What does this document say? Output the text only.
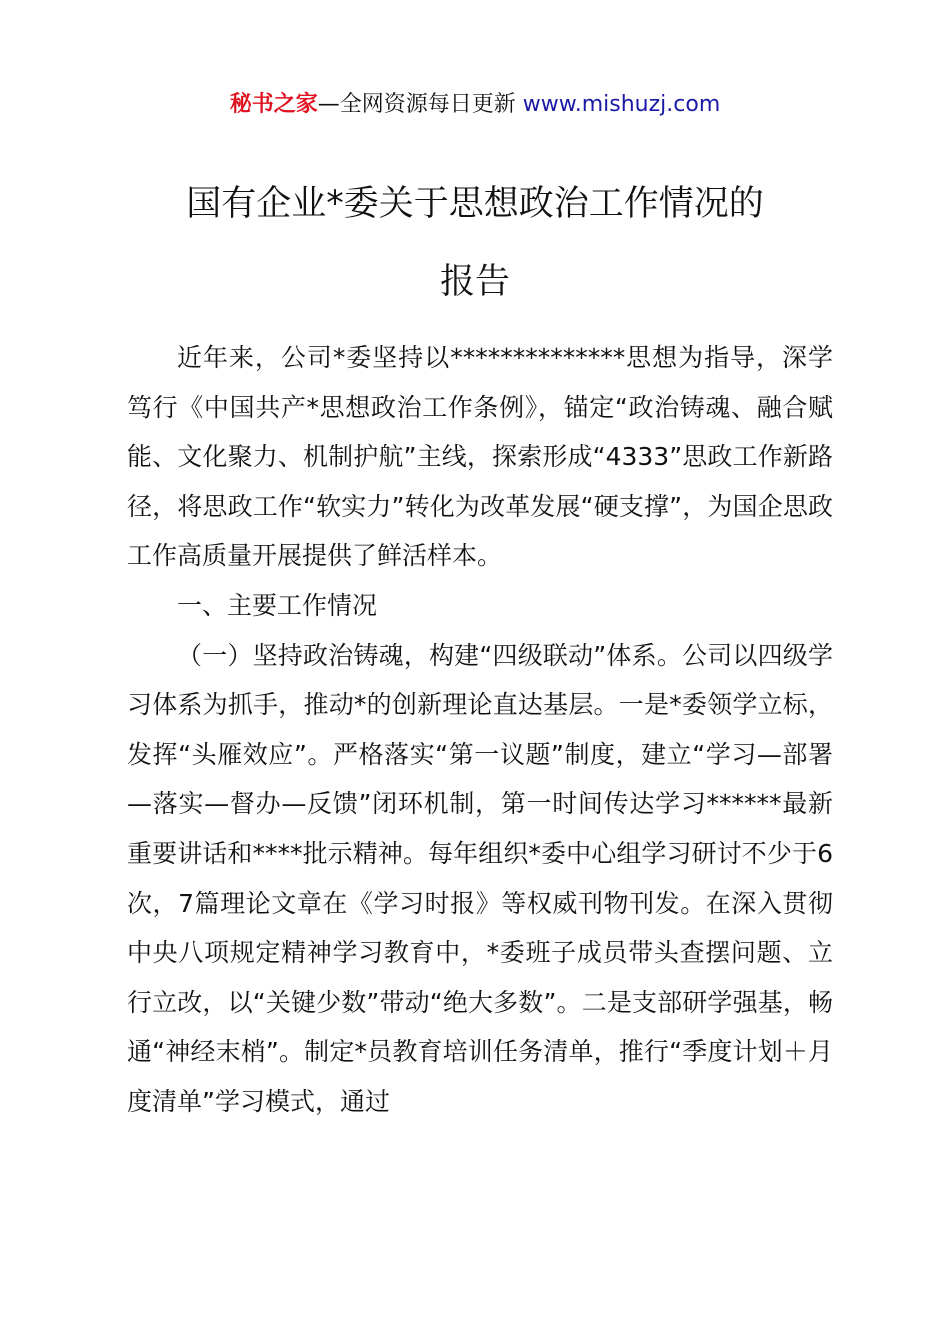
秘书之家—全网资源每日更新 www.mishuzj.com
国有企业*委关于思想政治工作情况的
报告

近年来，公司*委坚持以**************思想为指导，深学笃行《中国共产*思想政治工作条例》，锚定“政治铸魂、融合赋能、文化聚力、机制护航”主线，探索形成“4333”思政工作新路径，将思政工作“软实力”转化为改革发展“硬支撑”，为国企思政工作高质量开展提供了鲜活样本。

一、主要工作情况

（一）坚持政治铸魂，构建“四级联动”体系。公司以四级学习体系为抓手，推动*的创新理论直达基层。一是*委领学立标，发挥“头雁效应”。严格落实“第一议题”制度，建立“学习—部署—落实—督办—反馈”闭环机制，第一时间传达学习******最新重要讲话和****批示精神。每年组织*委中心组学习研讨不少于6次，7篇理论文章在《学习时报》等权威刊物刊发。在深入贯彻中央八项规定精神学习教育中，*委班子成员带头查摆问题、立行立改，以“关键少数”带动“绝大多数”。二是支部研学强基，畅通“神经末梢”。制定*员教育培训任务清单，推行“季度计划＋月度清单”学习模式，通过
